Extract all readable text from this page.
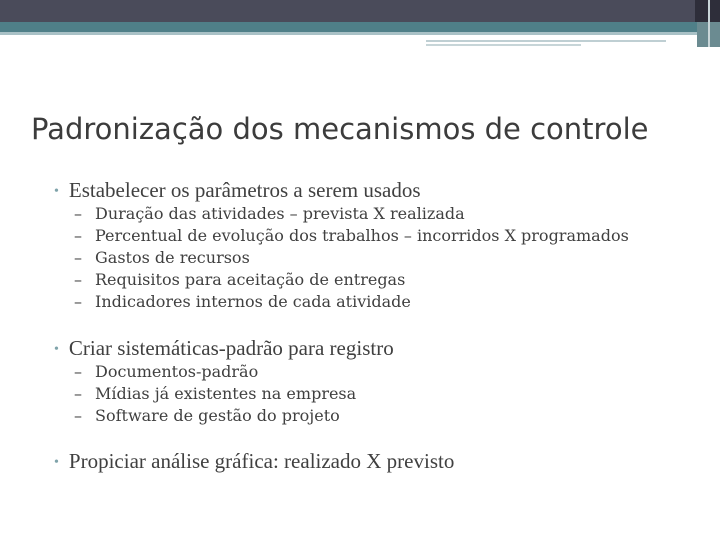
Padronização dos mecanismos de controle
• Estabelecer os parâmetros a serem usados
– Duração das atividades – prevista X realizada
– Percentual de evolução dos trabalhos – incorridos X programados
– Gastos de recursos
– Requisitos para aceitação de entregas
– Indicadores internos de cada atividade
• Criar sistemáticas-padrão para registro
– Documentos-padrão
– Mídias já existentes na empresa
– Software de gestão do projeto
• Propiciar análise gráfica: realizado X previsto
